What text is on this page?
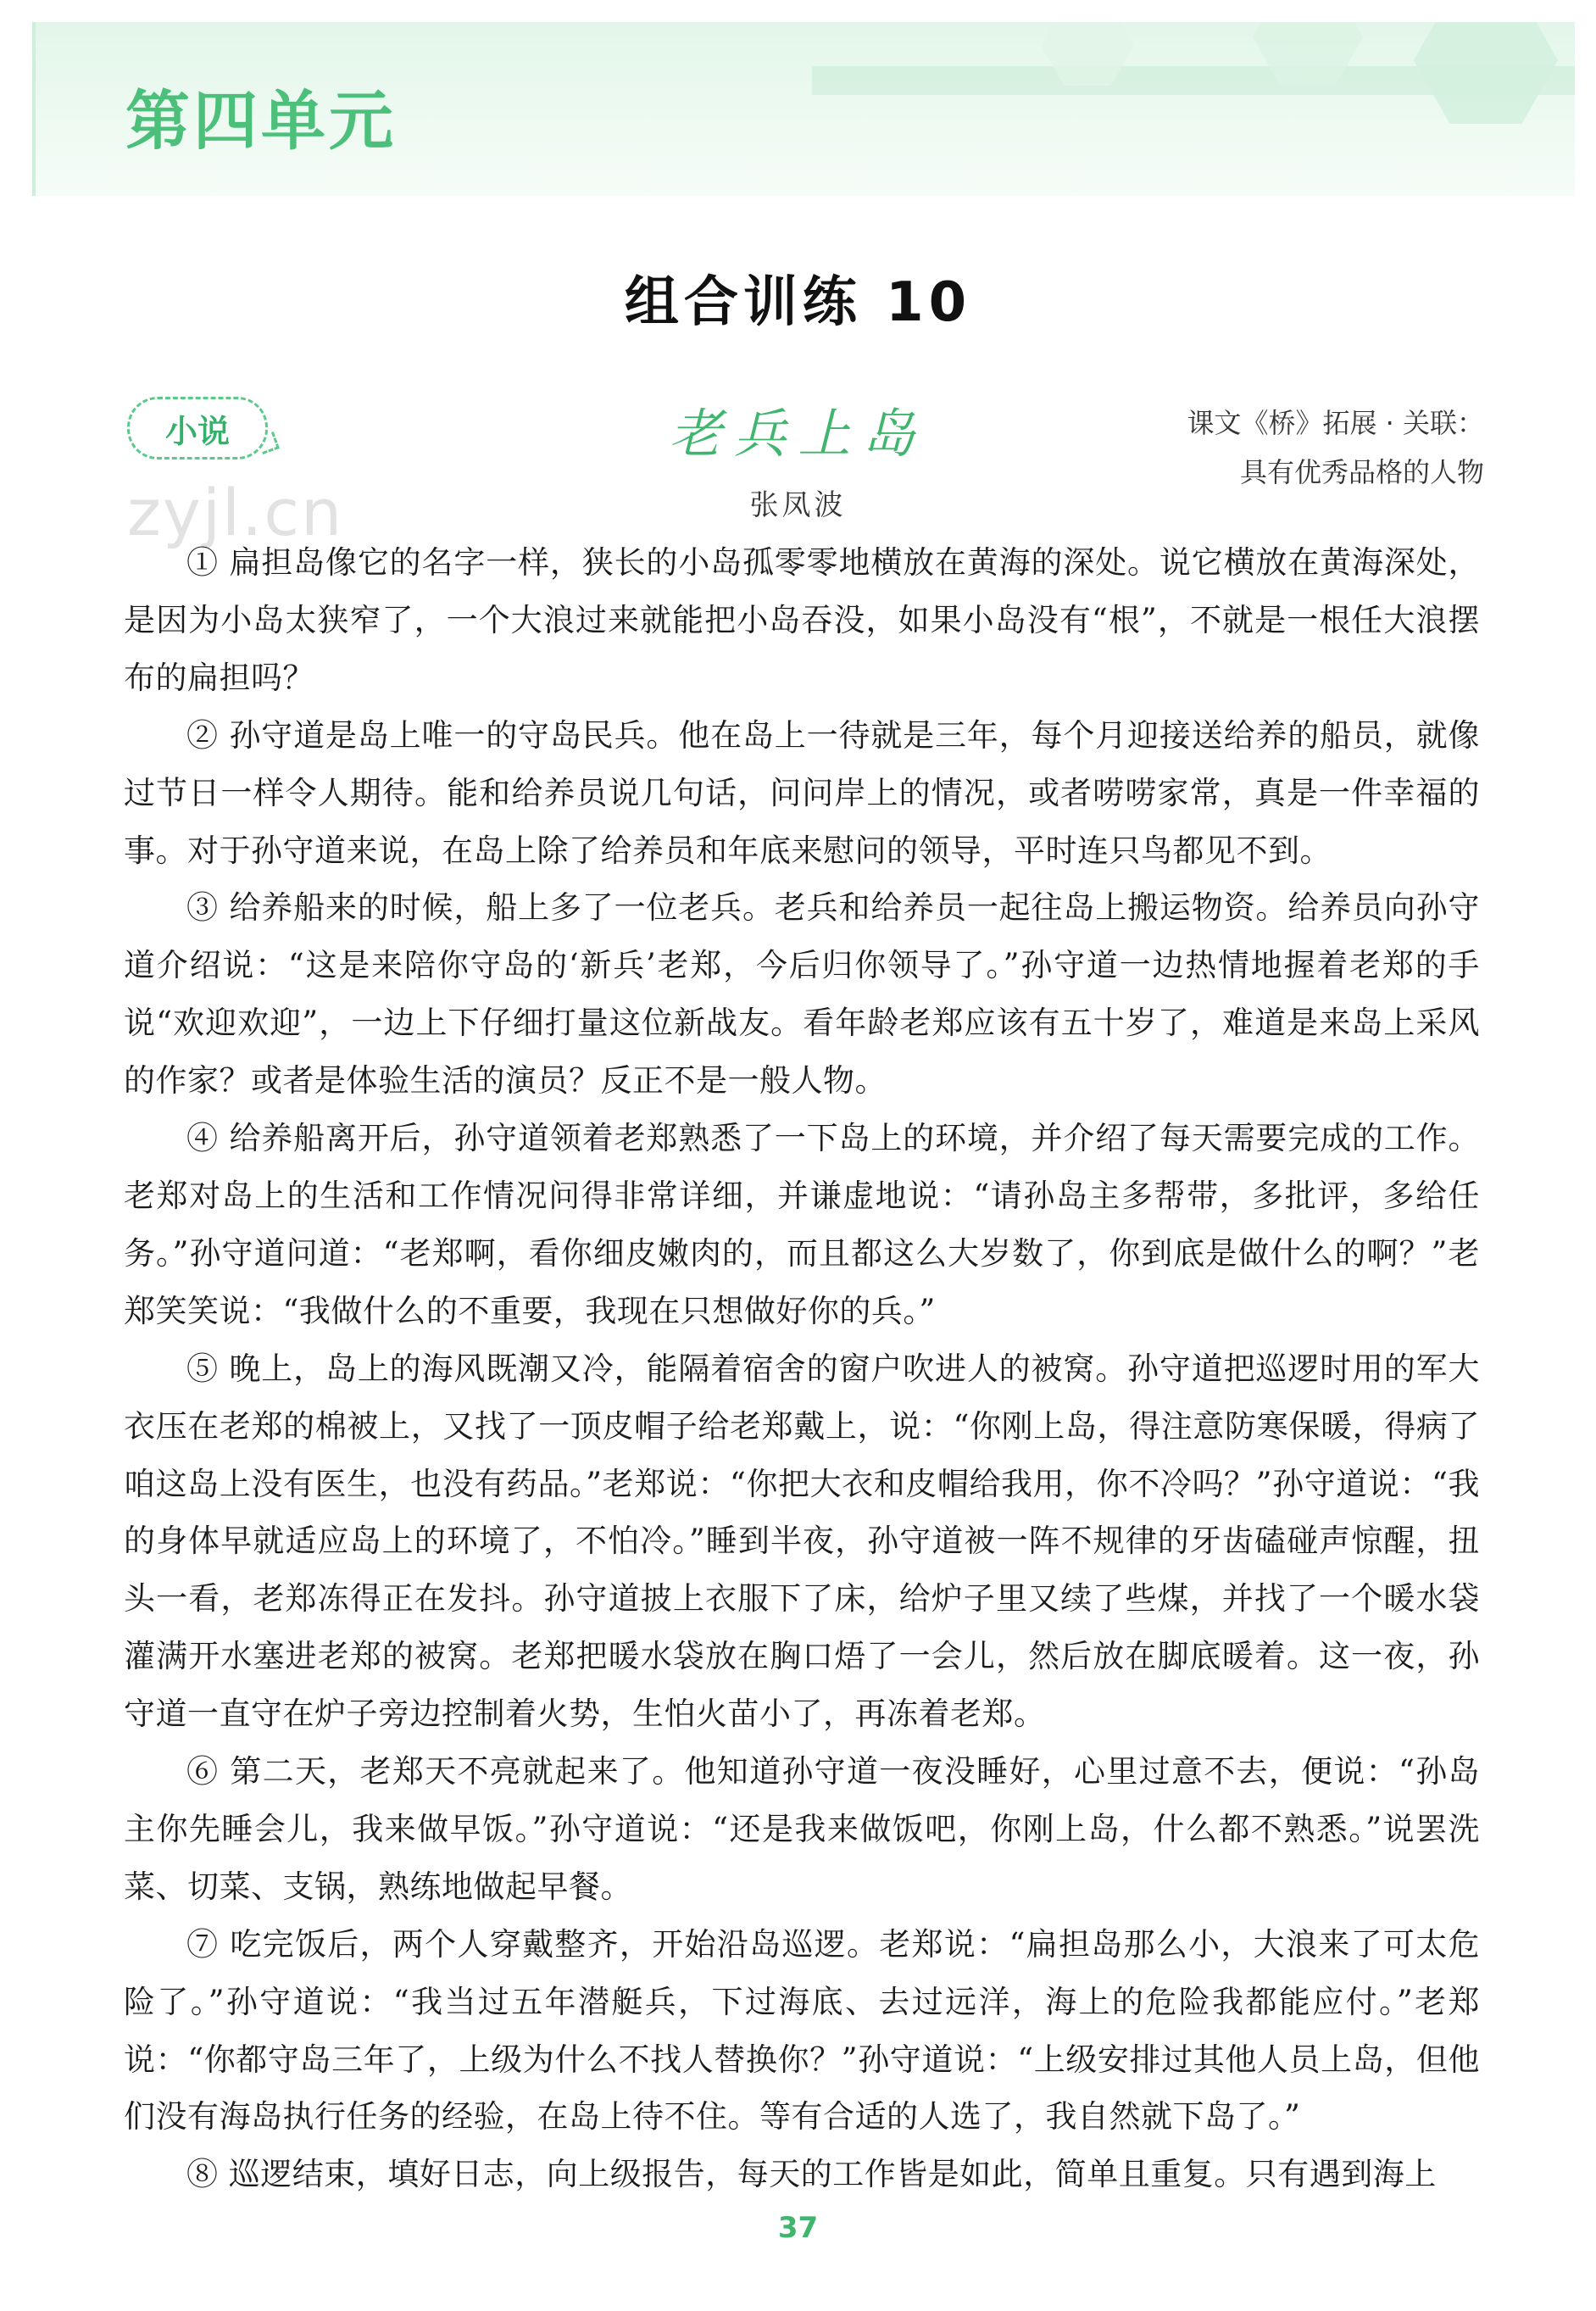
第四单元
组合训练 10
小说
zyjl.cn
老兵上岛
张凤波
课文《桥》拓展 · 关联：
具有优秀品格的人物

① 扁担岛像它的名字一样，狭长的小岛孤零零地横放在黄海的深处。说它横放在黄海深处，是因为小岛太狭窄了，一个大浪过来就能把小岛吞没，如果小岛没有“根”，不就是一根任大浪摆布的扁担吗？

② 孙守道是岛上唯一的守岛民兵。他在岛上一待就是三年，每个月迎接送给养的船员，就像过节日一样令人期待。能和给养员说几句话，问问岸上的情况，或者唠唠家常，真是一件幸福的事。对于孙守道来说，在岛上除了给养员和年底来慰问的领导，平时连只鸟都见不到。

③ 给养船来的时候，船上多了一位老兵。老兵和给养员一起往岛上搬运物资。给养员向孙守道介绍说：“这是来陪你守岛的‘新兵’老郑，今后归你领导了。”孙守道一边热情地握着老郑的手说“欢迎欢迎”，一边上下仔细打量这位新战友。看年龄老郑应该有五十岁了，难道是来岛上采风的作家？或者是体验生活的演员？反正不是一般人物。

④ 给养船离开后，孙守道领着老郑熟悉了一下岛上的环境，并介绍了每天需要完成的工作。老郑对岛上的生活和工作情况问得非常详细，并谦虚地说：“请孙岛主多帮带，多批评，多给任务。”孙守道问道：“老郑啊，看你细皮嫩肉的，而且都这么大岁数了，你到底是做什么的啊？”老郑笑笑说：“我做什么的不重要，我现在只想做好你的兵。”

⑤ 晚上，岛上的海风既潮又冷，能隔着宿舍的窗户吹进人的被窝。孙守道把巡逻时用的军大衣压在老郑的棉被上，又找了一顶皮帽子给老郑戴上，说：“你刚上岛，得注意防寒保暖，得病了咱这岛上没有医生，也没有药品。”老郑说：“你把大衣和皮帽给我用，你不冷吗？”孙守道说：“我的身体早就适应岛上的环境了，不怕冷。”睡到半夜，孙守道被一阵不规律的牙齿磕碰声惊醒，扭头一看，老郑冻得正在发抖。孙守道披上衣服下了床，给炉子里又续了些煤，并找了一个暖水袋灌满开水塞进老郑的被窝。老郑把暖水袋放在胸口焐了一会儿，然后放在脚底暖着。这一夜，孙守道一直守在炉子旁边控制着火势，生怕火苗小了，再冻着老郑。

⑥ 第二天，老郑天不亮就起来了。他知道孙守道一夜没睡好，心里过意不去，便说：“孙岛主你先睡会儿，我来做早饭。”孙守道说：“还是我来做饭吧，你刚上岛，什么都不熟悉。”说罢洗菜、切菜、支锅，熟练地做起早餐。

⑦ 吃完饭后，两个人穿戴整齐，开始沿岛巡逻。老郑说：“扁担岛那么小，大浪来了可太危险了。”孙守道说：“我当过五年潜艇兵，下过海底、去过远洋，海上的危险我都能应付。”老郑说：“你都守岛三年了，上级为什么不找人替换你？”孙守道说：“上级安排过其他人员上岛，但他们没有海岛执行任务的经验，在岛上待不住。等有合适的人选了，我自然就下岛了。”

⑧ 巡逻结束，填好日志，向上级报告，每天的工作皆是如此，简单且重复。只有遇到海上

37
